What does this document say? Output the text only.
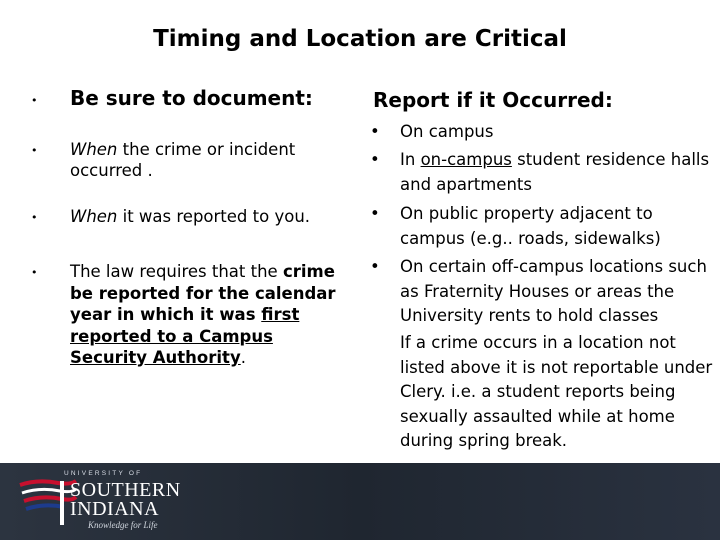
Timing and Location are Critical
• Be sure to document:
• When the crime or incident occurred .
• When it was reported to you.
• The law requires that the crime be reported for the calendar year in which it was first reported to a Campus Security Authority.
Report if it Occurred:
• On campus
• In on-campus student residence halls and apartments
• On public property adjacent to campus (e.g.. roads, sidewalks)
• On certain off-campus locations such as Fraternity Houses or areas the University rents to hold classes
If a crime occurs in a location not listed above it is not reportable under Clery. i.e. a student reports being sexually assaulted while at home during spring break.
UNIVERSITY OF
SOUTHERN
INDIANA
Knowledge for Life
